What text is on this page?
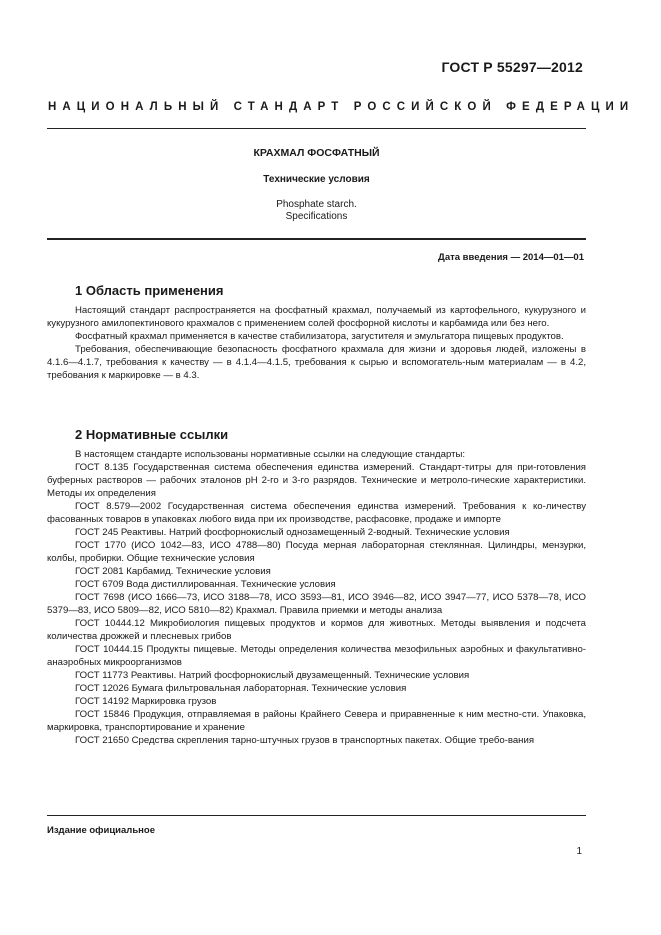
ГОСТ Р 55297—2012
НАЦИОНАЛЬНЫЙ СТАНДАРТ РОССИЙСКОЙ ФЕДЕРАЦИИ
КРАХМАЛ ФОСФАТНЫЙ
Технические условия
Phosphate starch.
Specifications
Дата введения — 2014—01—01
1 Область применения

Настоящий стандарт распространяется на фосфатный крахмал, получаемый из картофельного, кукурузного и кукурузного амилопектинового крахмалов с применением солей фосфорной кислоты и карбамида или без него.

Фосфатный крахмал применяется в качестве стабилизатора, загустителя и эмульгатора пищевых продуктов.

Требования, обеспечивающие безопасность фосфатного крахмала для жизни и здоровья людей, изложены в 4.1.6—4.1.7, требования к качеству — в 4.1.4—4.1.5, требования к сырью и вспомогатель-ным материалам — в 4.2, требования к маркировке — в 4.3.

2 Нормативные ссылки

В настоящем стандарте использованы нормативные ссылки на следующие стандарты:

ГОСТ 8.135 Государственная система обеспечения единства измерений. Стандарт-титры для при-готовления буферных растворов — рабочих эталонов pH 2-го и 3-го разрядов. Технические и метроло-гические характеристики. Методы их определения

ГОСТ 8.579—2002 Государственная система обеспечения единства измерений. Требования к ко-личеству фасованных товаров в упаковках любого вида при их производстве, расфасовке, продаже и импорте

ГОСТ 245 Реактивы. Натрий фосфорнокислый однозамещенный 2-водный. Технические условия

ГОСТ 1770 (ИСО 1042—83, ИСО 4788—80) Посуда мерная лабораторная стеклянная. Цилиндры, мензурки, колбы, пробирки. Общие технические условия

ГОСТ 2081 Карбамид. Технические условия

ГОСТ 6709 Вода дистиллированная. Технические условия

ГОСТ 7698 (ИСО 1666—73, ИСО 3188—78, ИСО 3593—81, ИСО 3946—82, ИСО 3947—77, ИСО 5378—78, ИСО 5379—83, ИСО 5809—82, ИСО 5810—82) Крахмал. Правила приемки и методы анализа

ГОСТ 10444.12 Микробиология пищевых продуктов и кормов для животных. Методы выявления и подсчета количества дрожжей и плесневых грибов

ГОСТ 10444.15 Продукты пищевые. Методы определения количества мезофильных аэробных и факультативно-анаэробных микроорганизмов

ГОСТ 11773 Реактивы. Натрий фосфорнокислый двузамещенный. Технические условия

ГОСТ 12026 Бумага фильтровальная лабораторная. Технические условия

ГОСТ 14192 Маркировка грузов

ГОСТ 15846 Продукция, отправляемая в районы Крайнего Севера и приравненные к ним местно-сти. Упаковка, маркировка, транспортирование и хранение

ГОСТ 21650 Средства скрепления тарно-штучных грузов в транспортных пакетах. Общие требо-вания

Издание официальное
1
